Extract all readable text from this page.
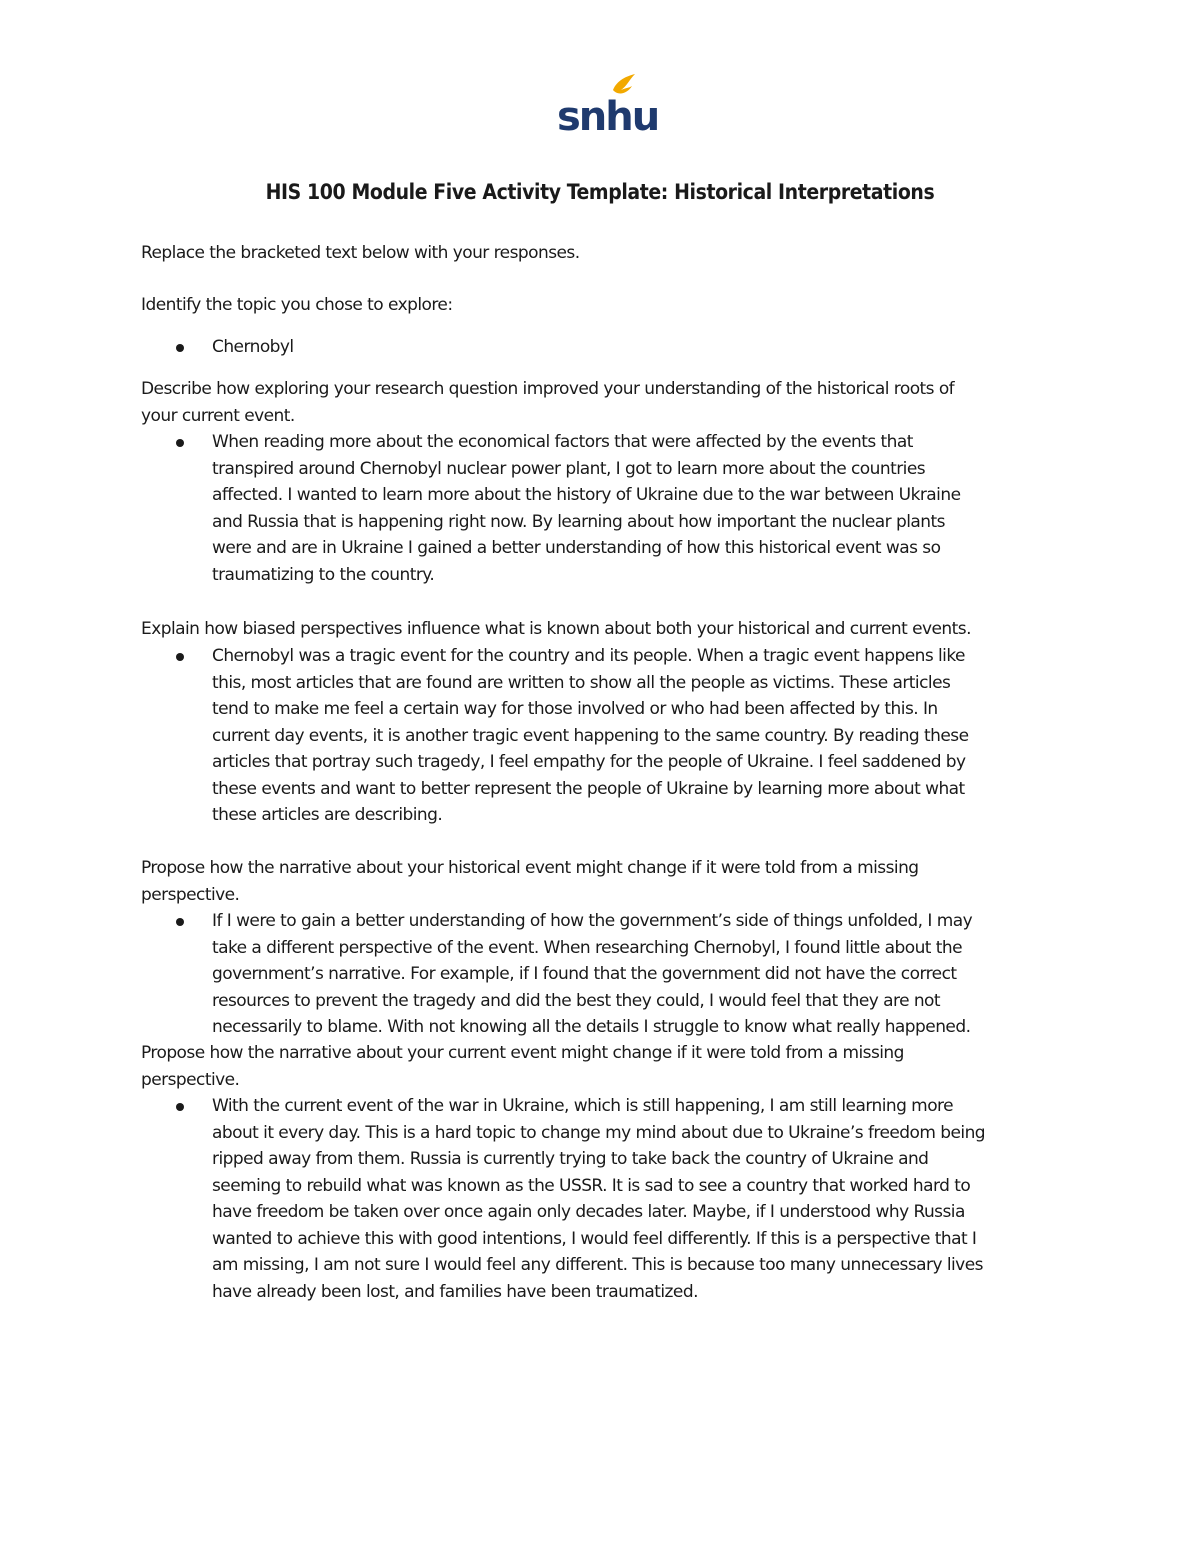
snhu
HIS 100 Module Five Activity Template: Historical Interpretations
Replace the bracketed text below with your responses.
Identify the topic you chose to explore:
Chernobyl
Describe how exploring your research question improved your understanding of the historical roots of
your current event.
When reading more about the economical factors that were affected by the events that
transpired around Chernobyl nuclear power plant, I got to learn more about the countries
affected. I wanted to learn more about the history of Ukraine due to the war between Ukraine
and Russia that is happening right now. By learning about how important the nuclear plants
were and are in Ukraine I gained a better understanding of how this historical event was so
traumatizing to the country.
Explain how biased perspectives influence what is known about both your historical and current events.
Chernobyl was a tragic event for the country and its people. When a tragic event happens like
this, most articles that are found are written to show all the people as victims. These articles
tend to make me feel a certain way for those involved or who had been affected by this. In
current day events, it is another tragic event happening to the same country. By reading these
articles that portray such tragedy, I feel empathy for the people of Ukraine. I feel saddened by
these events and want to better represent the people of Ukraine by learning more about what
these articles are describing.
Propose how the narrative about your historical event might change if it were told from a missing
perspective.
If I were to gain a better understanding of how the government’s side of things unfolded, I may
take a different perspective of the event. When researching Chernobyl, I found little about the
government’s narrative. For example, if I found that the government did not have the correct
resources to prevent the tragedy and did the best they could, I would feel that they are not
necessarily to blame. With not knowing all the details I struggle to know what really happened.
Propose how the narrative about your current event might change if it were told from a missing
perspective.
With the current event of the war in Ukraine, which is still happening, I am still learning more
about it every day. This is a hard topic to change my mind about due to Ukraine’s freedom being
ripped away from them. Russia is currently trying to take back the country of Ukraine and
seeming to rebuild what was known as the USSR. It is sad to see a country that worked hard to
have freedom be taken over once again only decades later. Maybe, if I understood why Russia
wanted to achieve this with good intentions, I would feel differently. If this is a perspective that I
am missing, I am not sure I would feel any different. This is because too many unnecessary lives
have already been lost, and families have been traumatized.
